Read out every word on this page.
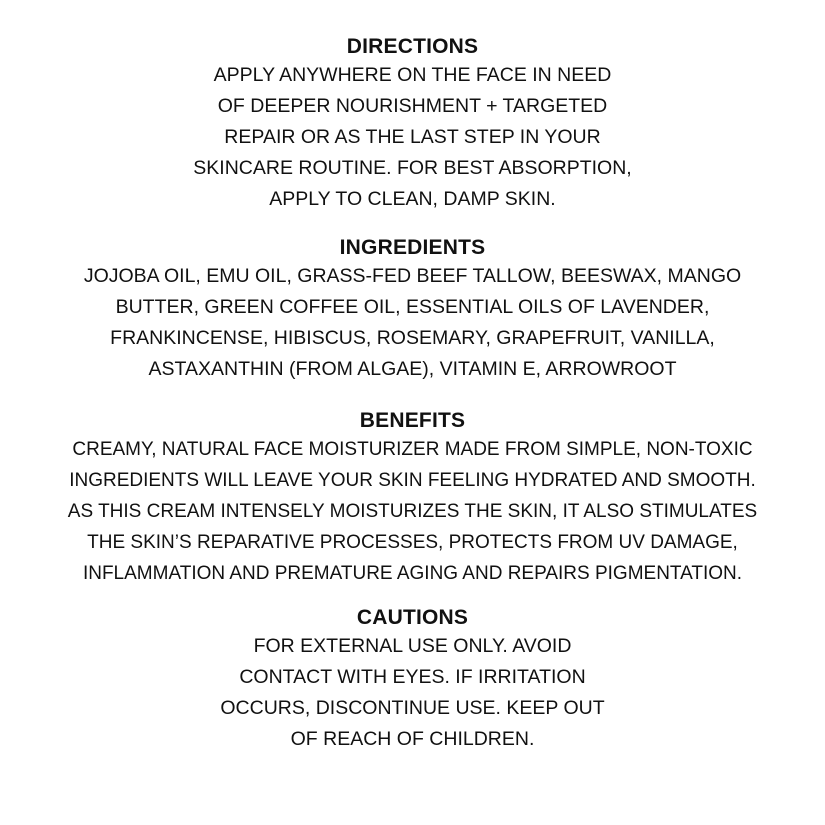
DIRECTIONS

APPLY ANYWHERE ON THE FACE IN NEED

OF DEEPER NOURISHMENT + TARGETED

REPAIR OR AS THE LAST STEP IN YOUR

SKINCARE ROUTINE. FOR BEST ABSORPTION,

APPLY TO CLEAN, DAMP SKIN.

INGREDIENTS

JOJOBA OIL, EMU OIL, GRASS-FED BEEF TALLOW, BEESWAX, MANGO

BUTTER, GREEN COFFEE OIL, ESSENTIAL OILS OF LAVENDER,

FRANKINCENSE, HIBISCUS, ROSEMARY, GRAPEFRUIT, VANILLA,

ASTAXANTHIN (FROM ALGAE), VITAMIN E, ARROWROOT

BENEFITS

CREAMY, NATURAL FACE MOISTURIZER MADE FROM SIMPLE, NON-TOXIC

INGREDIENTS WILL LEAVE YOUR SKIN FEELING HYDRATED AND SMOOTH.

AS THIS CREAM INTENSELY MOISTURIZES THE SKIN, IT ALSO STIMULATES

THE SKIN’S REPARATIVE PROCESSES, PROTECTS FROM UV DAMAGE,

INFLAMMATION AND PREMATURE AGING AND REPAIRS PIGMENTATION.

CAUTIONS

FOR EXTERNAL USE ONLY. AVOID

CONTACT WITH EYES. IF IRRITATION

OCCURS, DISCONTINUE USE. KEEP OUT

OF REACH OF CHILDREN.
